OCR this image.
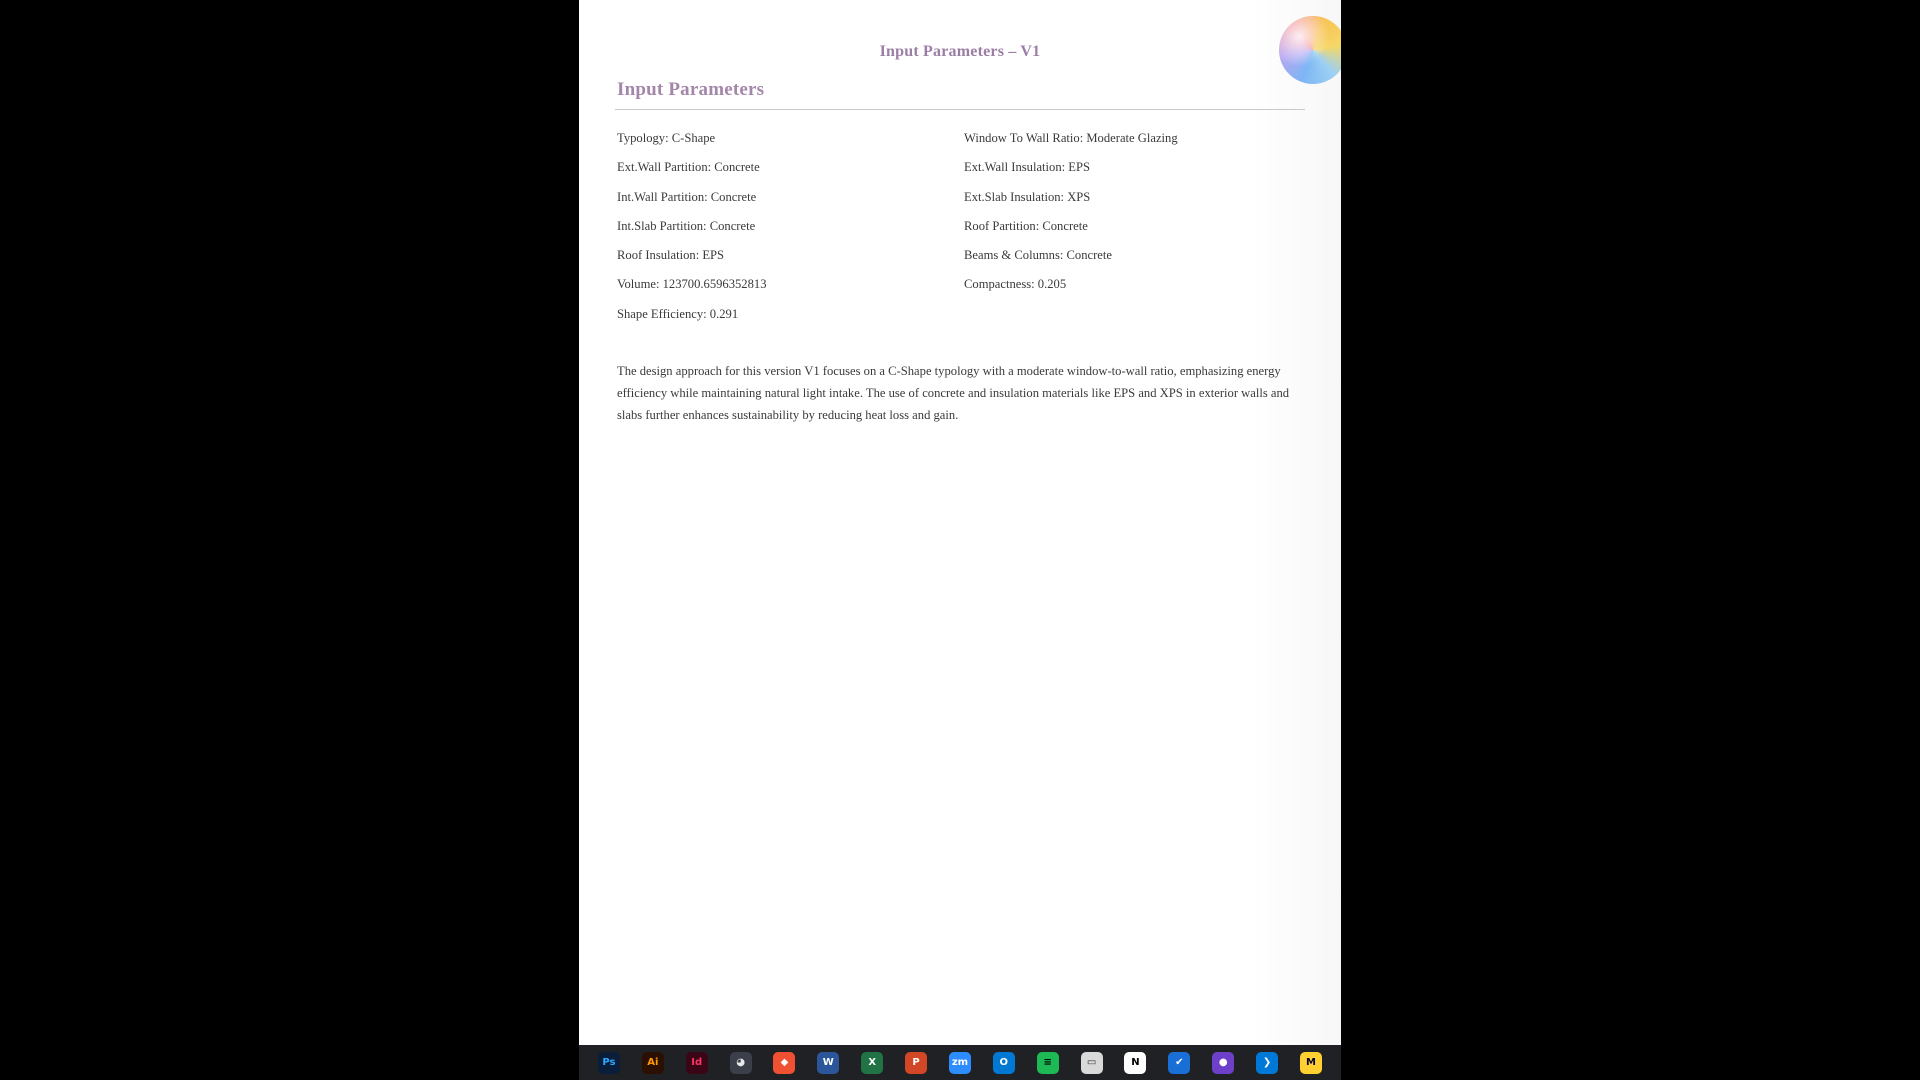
Input Parameters – V1
Input Parameters
Typology: C-Shape	Window To Wall Ratio: Moderate Glazing
Ext.Wall Partition: Concrete	Ext.Wall Insulation: EPS
Int.Wall Partition: Concrete	Ext.Slab Insulation: XPS
Int.Slab Partition: Concrete	Roof Partition: Concrete
Roof Insulation: EPS	Beams & Columns: Concrete
Volume: 123700.6596352813	Compactness: 0.205
Shape Efficiency: 0.291

The design approach for this version V1 focuses on a C-Shape typology with a moderate window-to-wall ratio, emphasizing energy efficiency while maintaining natural light intake. The use of concrete and insulation materials like EPS and XPS in exterior walls and slabs further enhances sustainability by reducing heat loss and gain.

Ps	Ai	Id	◕	◆	W	X	P	zm	O	≡	▭	N	✔	●	❯	M
